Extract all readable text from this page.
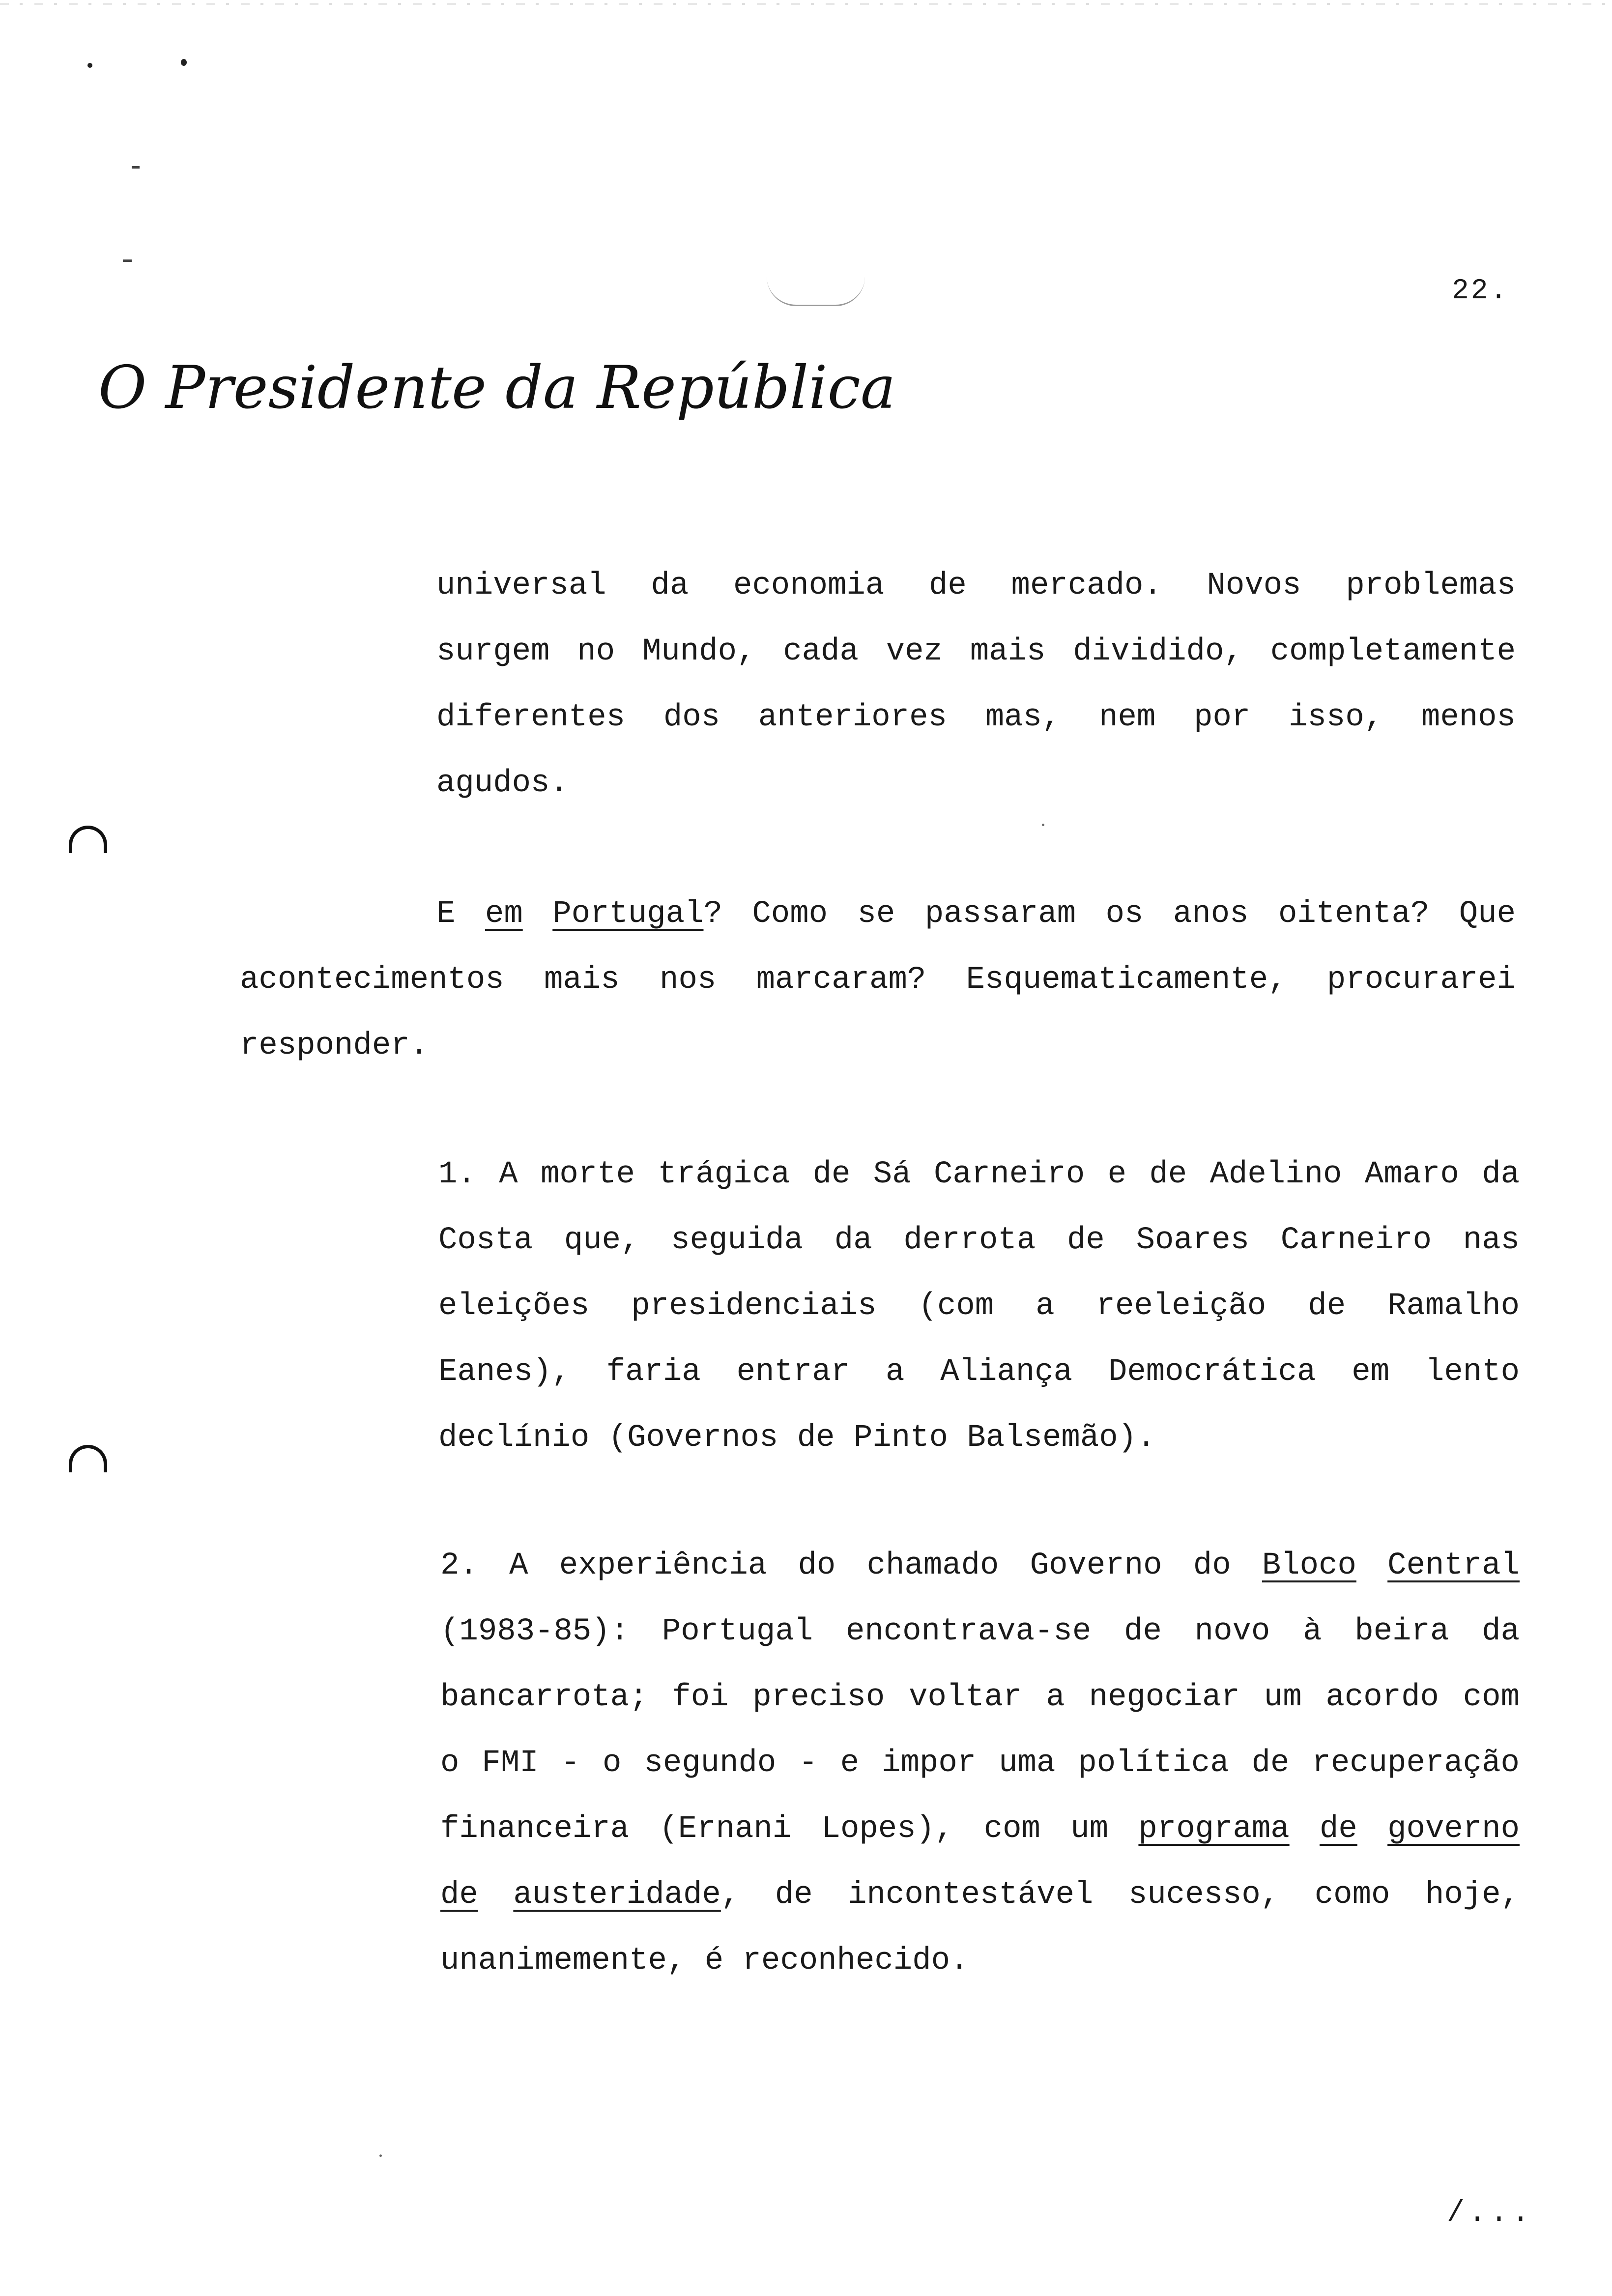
22.
O Presidente da República
universal da economia de mercado. Novos problemas
surgem no Mundo, cada vez mais dividido, completamente
diferentes dos anteriores mas, nem por isso, menos
agudos.
E em Portugal? Como se passaram os anos oitenta? Que
acontecimentos mais nos marcaram? Esquematicamente, procurarei
responder.
1. A morte trágica de Sá Carneiro e de Adelino Amaro da
Costa que, seguida da derrota de Soares Carneiro nas
eleições presidenciais (com a reeleição de Ramalho
Eanes), faria entrar a Aliança Democrática em lento
declínio (Governos de Pinto Balsemão).
2. A experiência do chamado Governo do Bloco Central
(1983-85): Portugal encontrava-se de novo à beira da
bancarrota; foi preciso voltar a negociar um acordo com
o FMI - o segundo - e impor uma política de recuperação
financeira (Ernani Lopes), com um programa de governo
de austeridade, de incontestável sucesso, como hoje,
unanimemente, é reconhecido.
/...
